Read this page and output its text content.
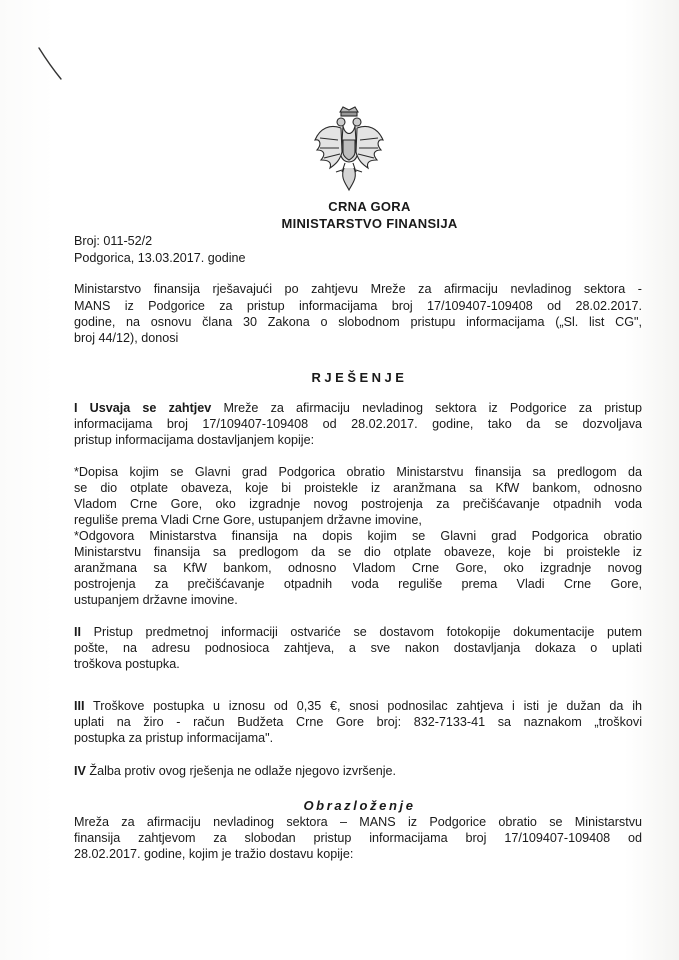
CRNA GORA
MINISTARSTVO FINANSIJA
Broj: 011-52/2
Podgorica, 13.03.2017. godine
Ministarstvo finansija rješavajući po zahtjevu Mreže za afirmaciju nevladinog sektora -
MANS iz Podgorice za pristup informacijama broj 17/109407-109408 od 28.02.2017.
godine, na osnovu člana 30 Zakona o slobodnom pristupu informacijama („Sl. list CG",
broj 44/12), donosi
RJEŠENJE
I Usvaja se zahtjev Mreže za afirmaciju nevladinog sektora iz Podgorice za pristup
informacijama broj 17/109407-109408 od 28.02.2017. godine, tako da se dozvoljava
pristup informacijama dostavljanjem kopije:
*Dopisa kojim se Glavni grad Podgorica obratio Ministarstvu finansija sa predlogom da
se dio otplate obaveza, koje bi proistekle iz aranžmana sa KfW bankom, odnosno
Vladom Crne Gore, oko izgradnje novog postrojenja za prečišćavanje otpadnih voda
reguliše prema Vladi Crne Gore, ustupanjem državne imovine,
*Odgovora Ministarstva finansija na dopis kojim se Glavni grad Podgorica obratio
Ministarstvu finansija sa predlogom da se dio otplate obaveze, koje bi proistekle iz
aranžmana sa KfW bankom, odnosno Vladom Crne Gore, oko izgradnje novog
postrojenja za prečišćavanje otpadnih voda reguliše prema Vladi Crne Gore,
ustupanjem državne imovine.
II Pristup predmetnoj informaciji ostvariće se dostavom fotokopije dokumentacije putem
pošte, na adresu podnosioca zahtjeva, a sve nakon dostavljanja dokaza o uplati
troškova postupka.
III Troškove postupka u iznosu od 0,35 €, snosi podnosilac zahtjeva i isti je dužan da ih
uplati na žiro - račun Budžeta Crne Gore broj: 832-7133-41 sa naznakom „troškovi
postupka za pristup informacijama".
IV Žalba protiv ovog rješenja ne odlaže njegovo izvršenje.
Obrazloženje
Mreža za afirmaciju nevladinog sektora – MANS iz Podgorice obratio se Ministarstvu
finansija zahtjevom za slobodan pristup informacijama broj 17/109407-109408 od
28.02.2017. godine, kojim je tražio dostavu kopije:
